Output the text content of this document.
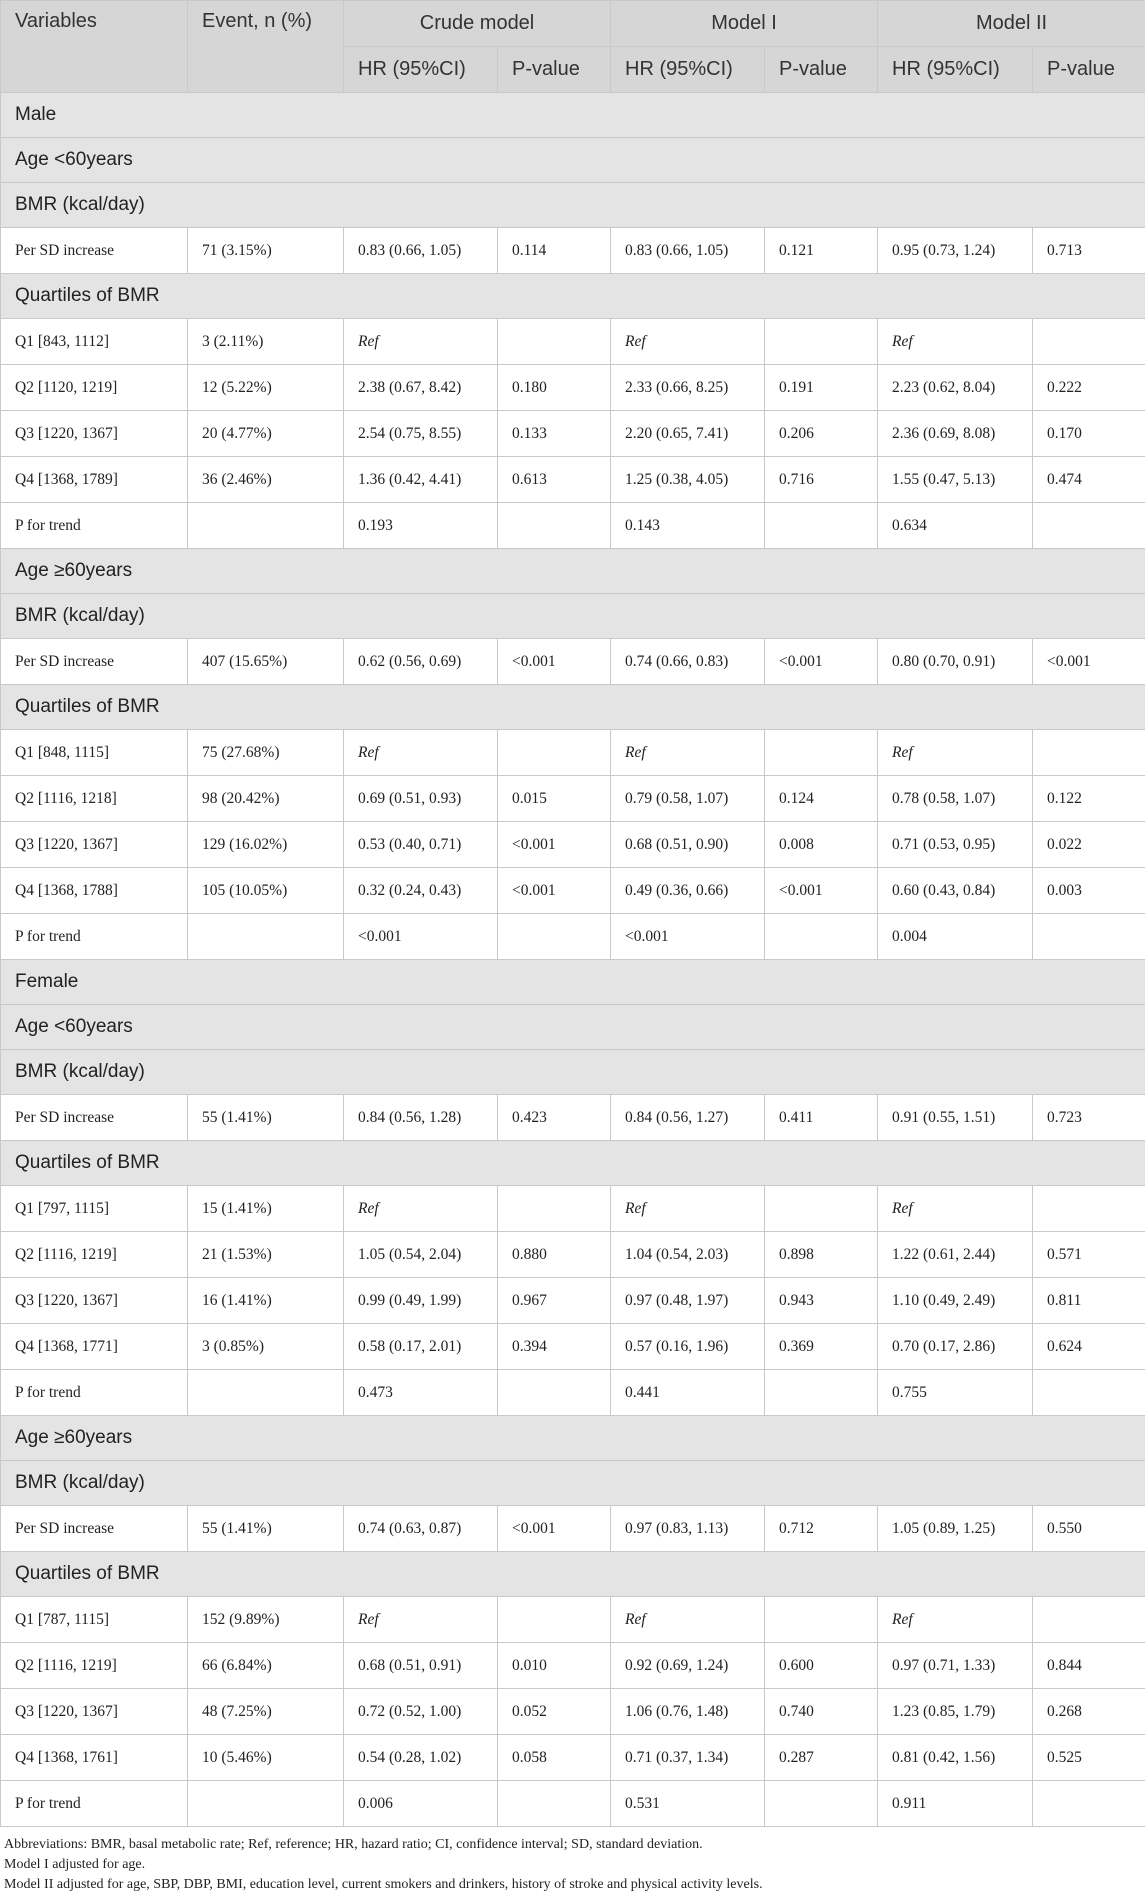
Variables	Event, n (%)	Crude model		Model I		Model II	
		HR (95%CI)	P-value	HR (95%CI)	P-value	HR (95%CI)	P-value
Male							
Age <60years							
BMR (kcal/day)							
Per SD increase	71 (3.15%)	0.83 (0.66, 1.05)	0.114	0.83 (0.66, 1.05)	0.121	0.95 (0.73, 1.24)	0.713
Quartiles of BMR							
Q1 [843, 1112]	3 (2.11%)	Ref		Ref		Ref	
Q2 [1120, 1219]	12 (5.22%)	2.38 (0.67, 8.42)	0.180	2.33 (0.66, 8.25)	0.191	2.23 (0.62, 8.04)	0.222
Q3 [1220, 1367]	20 (4.77%)	2.54 (0.75, 8.55)	0.133	2.20 (0.65, 7.41)	0.206	2.36 (0.69, 8.08)	0.170
Q4 [1368, 1789]	36 (2.46%)	1.36 (0.42, 4.41)	0.613	1.25 (0.38, 4.05)	0.716	1.55 (0.47, 5.13)	0.474
P for trend		0.193		0.143		0.634	
Age ≥60years							
BMR (kcal/day)							
Per SD increase	407 (15.65%)	0.62 (0.56, 0.69)	<0.001	0.74 (0.66, 0.83)	<0.001	0.80 (0.70, 0.91)	<0.001
Quartiles of BMR							
Q1 [848, 1115]	75 (27.68%)	Ref		Ref		Ref	
Q2 [1116, 1218]	98 (20.42%)	0.69 (0.51, 0.93)	0.015	0.79 (0.58, 1.07)	0.124	0.78 (0.58, 1.07)	0.122
Q3 [1220, 1367]	129 (16.02%)	0.53 (0.40, 0.71)	<0.001	0.68 (0.51, 0.90)	0.008	0.71 (0.53, 0.95)	0.022
Q4 [1368, 1788]	105 (10.05%)	0.32 (0.24, 0.43)	<0.001	0.49 (0.36, 0.66)	<0.001	0.60 (0.43, 0.84)	0.003
P for trend		<0.001		<0.001		0.004	
Female							
Age <60years							
BMR (kcal/day)							
Per SD increase	55 (1.41%)	0.84 (0.56, 1.28)	0.423	0.84 (0.56, 1.27)	0.411	0.91 (0.55, 1.51)	0.723
Quartiles of BMR							
Q1 [797, 1115]	15 (1.41%)	Ref		Ref		Ref	
Q2 [1116, 1219]	21 (1.53%)	1.05 (0.54, 2.04)	0.880	1.04 (0.54, 2.03)	0.898	1.22 (0.61, 2.44)	0.571
Q3 [1220, 1367]	16 (1.41%)	0.99 (0.49, 1.99)	0.967	0.97 (0.48, 1.97)	0.943	1.10 (0.49, 2.49)	0.811
Q4 [1368, 1771]	3 (0.85%)	0.58 (0.17, 2.01)	0.394	0.57 (0.16, 1.96)	0.369	0.70 (0.17, 2.86)	0.624
P for trend		0.473		0.441		0.755	
Age ≥60years							
BMR (kcal/day)							
Per SD increase	55 (1.41%)	0.74 (0.63, 0.87)	<0.001	0.97 (0.83, 1.13)	0.712	1.05 (0.89, 1.25)	0.550
Quartiles of BMR							
Q1 [787, 1115]	152 (9.89%)	Ref		Ref		Ref	
Q2 [1116, 1219]	66 (6.84%)	0.68 (0.51, 0.91)	0.010	0.92 (0.69, 1.24)	0.600	0.97 (0.71, 1.33)	0.844
Q3 [1220, 1367]	48 (7.25%)	0.72 (0.52, 1.00)	0.052	1.06 (0.76, 1.48)	0.740	1.23 (0.85, 1.79)	0.268
Q4 [1368, 1761]	10 (5.46%)	0.54 (0.28, 1.02)	0.058	0.71 (0.37, 1.34)	0.287	0.81 (0.42, 1.56)	0.525
P for trend		0.006		0.531		0.911	
Abbreviations: BMR, basal metabolic rate; Ref, reference; HR, hazard ratio; CI, confidence interval; SD, standard deviation.
Model I adjusted for age.
Model II adjusted for age, SBP, DBP, BMI, education level, current smokers and drinkers, history of stroke and physical activity levels.
